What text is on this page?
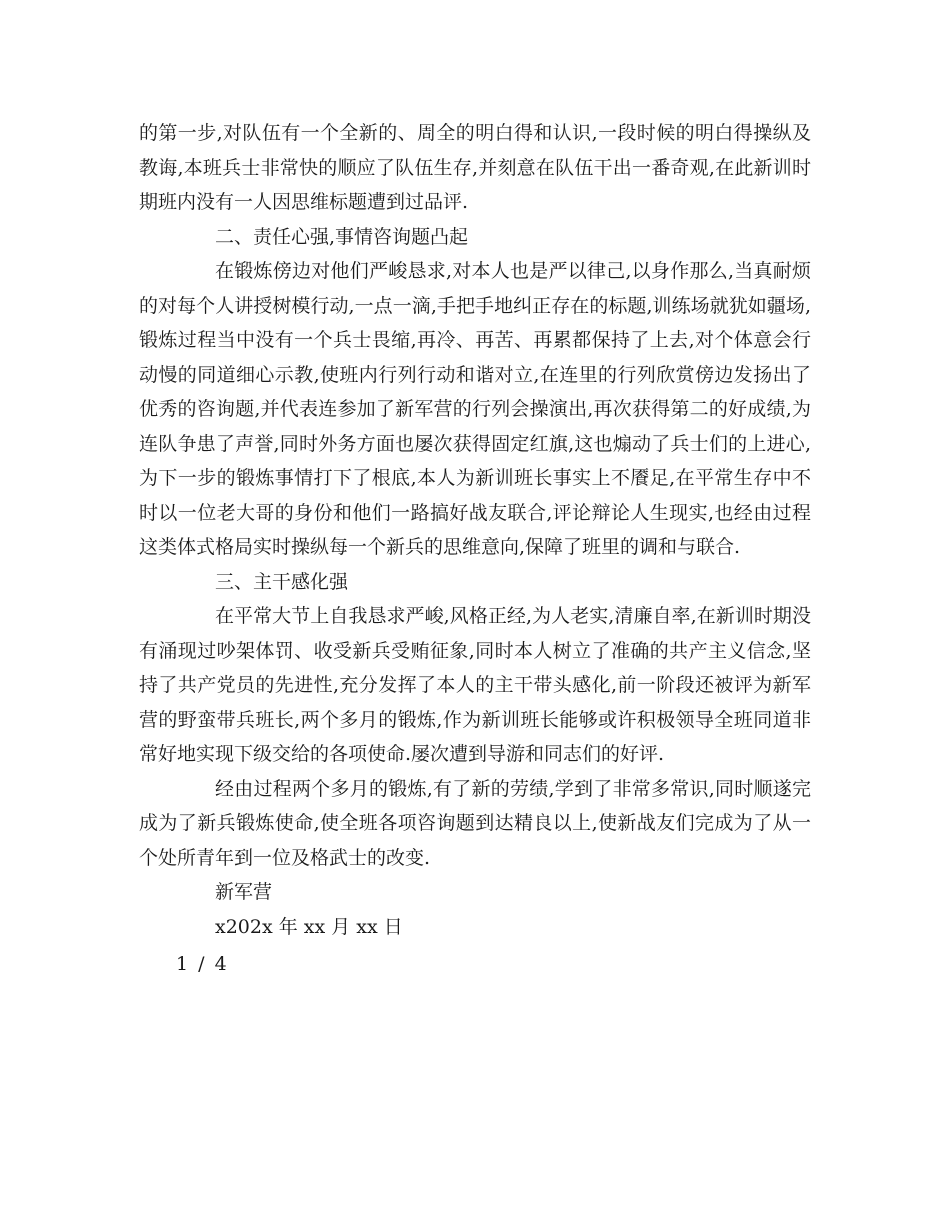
的第一步,对队伍有一个全新的、周全的明白得和认识,一段时候的明白得操纵及教诲,本班兵士非常快的顺应了队伍生存,并刻意在队伍干出一番奇观,在此新训时期班内没有一人因思维标题遭到过品评.

二、责任心强,事情咨询题凸起

在锻炼傍边对他们严峻恳求,对本人也是严以律己,以身作那么,当真耐烦的对每个人讲授树模行动,一点一滴,手把手地纠正存在的标题,训练场就犹如疆场,锻炼过程当中没有一个兵士畏缩,再冷、再苦、再累都保持了上去,对个体意会行动慢的同道细心示教,使班内行列行动和谐对立,在连里的行列欣赏傍边发扬出了优秀的咨询题,并代表连参加了新军营的行列会操演出,再次获得第二的好成绩,为连队争患了声誉,同时外务方面也屡次获得固定红旗,这也煽动了兵士们的上进心,为下一步的锻炼事情打下了根底,本人为新训班长事实上不餍足,在平常生存中不时以一位老大哥的身份和他们一路搞好战友联合,评论辩论人生现实,也经由过程这类体式格局实时操纵每一个新兵的思维意向,保障了班里的调和与联合.

三、主干感化强

在平常大节上自我恳求严峻,风格正经,为人老实,清廉自率,在新训时期没有涌现过吵架体罚、收受新兵受贿征象,同时本人树立了准确的共产主义信念,坚持了共产党员的先进性,充分发挥了本人的主干带头感化,前一阶段还被评为新军营的野蛮带兵班长,两个多月的锻炼,作为新训班长能够或许积极领导全班同道非常好地实现下级交给的各项使命.屡次遭到导游和同志们的好评.

经由过程两个多月的锻炼,有了新的劳绩,学到了非常多常识,同时顺遂完成为了新兵锻炼使命,使全班各项咨询题到达精良以上,使新战友们完成为了从一个处所青年到一位及格武士的改变.

新军营

x202x 年 xx 月 xx 日

1 / 4
